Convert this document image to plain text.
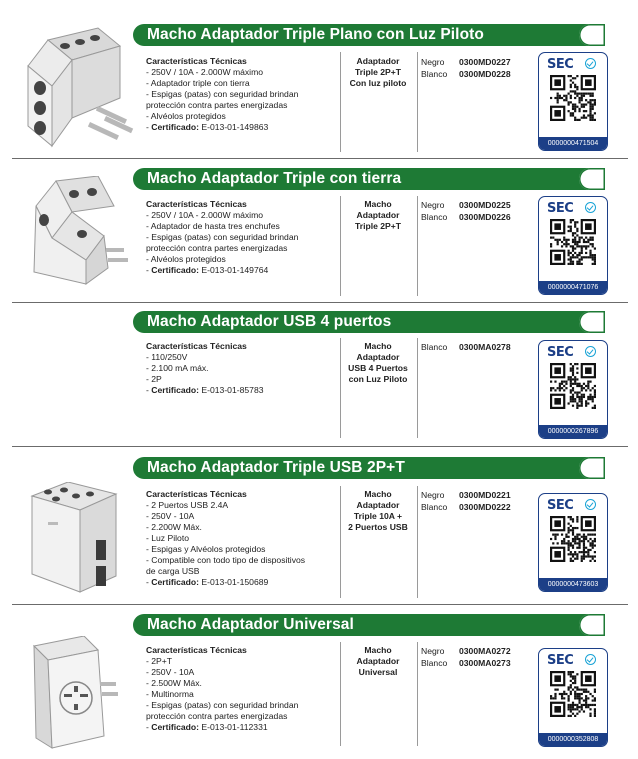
Macho Adaptador Triple Plano con Luz Piloto
Características Técnicas
- 250V / 10A - 2.000W máximo
- Adaptador triple con tierra
- Espigas (patas) con seguridad brindan
protección contra partes energizadas
- Alvéolos protegidos
- Certificado: E-013-01-149863
Adaptador
Triple 2P+T
Con luz piloto
Negro 0300MD0227
Blanco 0300MD0228
SEC
0000000471504
Macho Adaptador Triple con tierra
Características Técnicas
- 250V / 10A - 2.000W máximo
- Adaptador de hasta tres enchufes
- Espigas (patas) con seguridad brindan
protección contra partes energizadas
- Alvéolos protegidos
- Certificado: E-013-01-149764
Macho
Adaptador
Triple 2P+T
Negro 0300MD0225
Blanco 0300MD0226
SEC
0000000471076
Macho Adaptador USB 4 puertos
Características Técnicas
- 110/250V
- 2.100 mA máx.
- 2P
- Certificado: E-013-01-85783
Macho
Adaptador
USB 4 Puertos
con Luz Piloto
Blanco 0300MA0278	SEC
0000000267896
Macho Adaptador Triple USB 2P+T
Características Técnicas
- 2 Puertos USB 2.4A
- 250V - 10A
- 2.200W Máx.
- Luz Piloto
- Espigas y Alvéolos protegidos
- Compatible con todo tipo de dispositivos
de carga USB
- Certificado: E-013-01-150689
Macho
Adaptador
Triple 10A +
2 Puertos USB
Negro 0300MD0221
Blanco 0300MD0222	SEC
0000000473603
Macho Adaptador Universal
Características Técnicas
- 2P+T
- 250V - 10A
- 2.500W Máx.
- Multinorma
- Espigas (patas) con seguridad brindan
protección contra partes energizadas
- Certificado: E-013-01-112331
Macho
Adaptador
Universal
Negro 0300MA0272
Blanco 0300MA0273	SEC
0000000352808
